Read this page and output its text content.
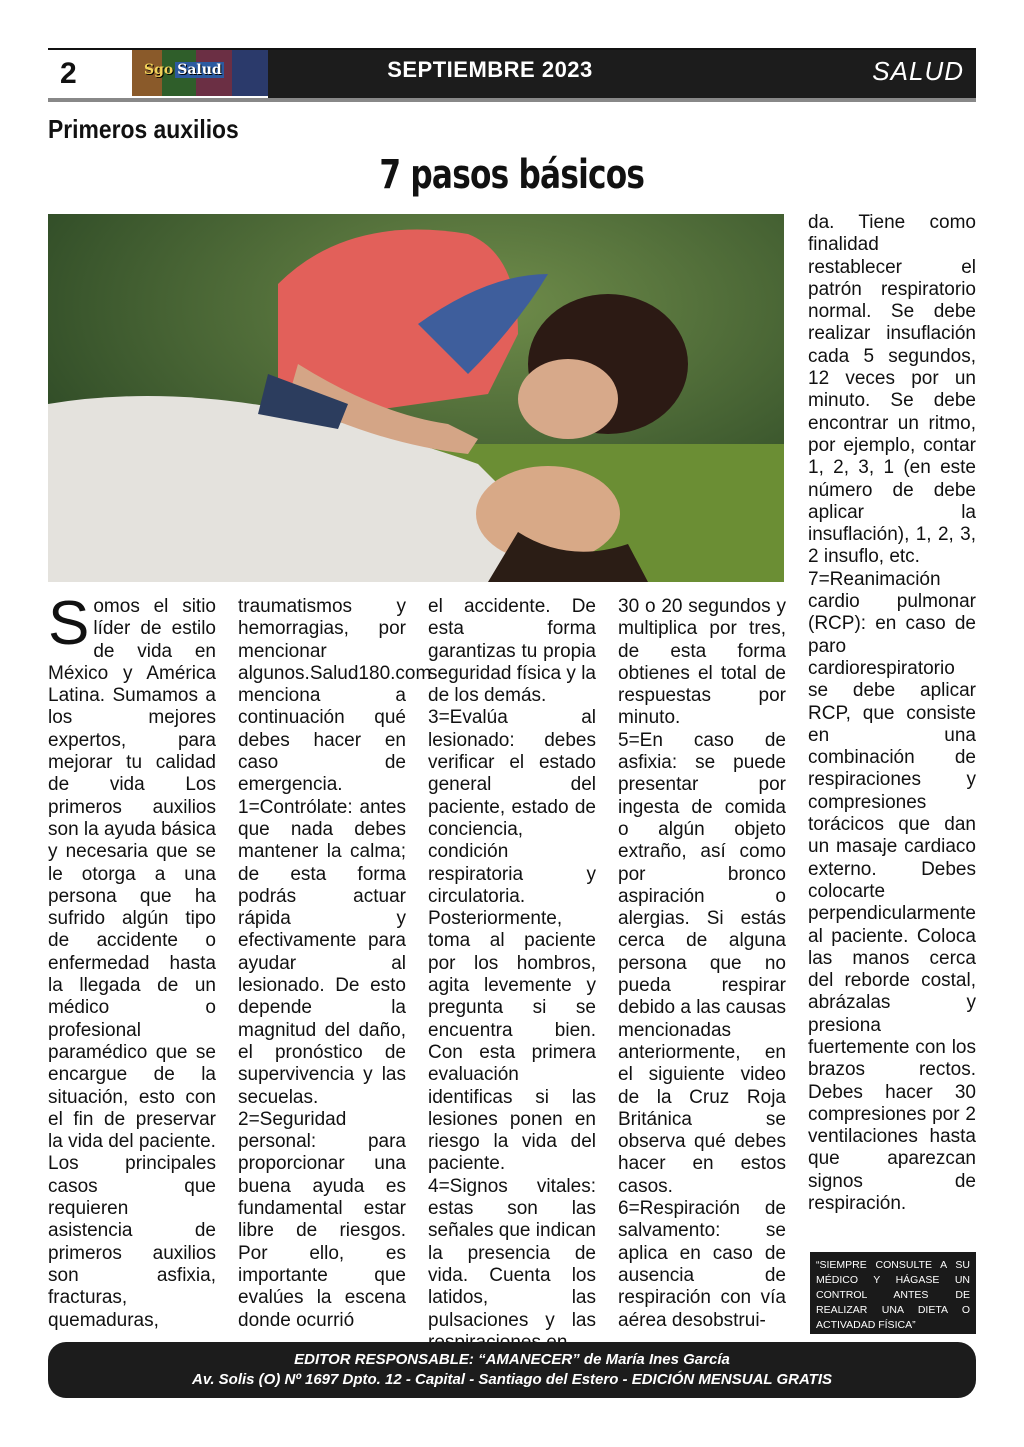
2	Sgo Salud	SEPTIEMBRE 2023	SALUD
Primeros auxilios
7 pasos básicos
S omos el sitio líder de estilo de vida en México y América Latina. Sumamos a los mejores expertos, para mejorar tu calidad de vida Los primeros auxilios son la ayuda básica y necesaria que se le otorga a una persona que ha sufrido algún tipo de accidente o enfermedad hasta la llegada de un médico o profesional paramédico que se encargue de la situación, esto con el fin de preservar la vida del paciente.

Los principales casos que requieren asistencia de primeros auxilios son asfixia, fracturas, quemaduras,

traumatismos y hemorragias, por mencionar algunos.Salud180.com menciona a continuación qué debes hacer en caso de emergencia.

1=Contrólate: antes que nada debes mantener la calma; de esta forma podrás actuar rápida y efectivamente para ayudar al lesionado. De esto depende la magnitud del daño, el pronóstico de supervivencia y las secuelas.

2=Seguridad personal: para proporcionar una buena ayuda es fundamental estar libre de riesgos. Por ello, es importante que evalúes la escena donde ocurrió

el accidente. De esta forma garantizas tu propia seguridad física y la de los demás.

3=Evalúa al lesionado: debes verificar el estado general del paciente, estado de conciencia, condición respiratoria y circulatoria. Posteriormente, toma al paciente por los hombros, agita levemente y pregunta si se encuentra bien. Con esta primera evaluación identificas si las lesiones ponen en riesgo la vida del paciente.

4=Signos vitales: estas son las señales que indican la presencia de vida. Cuenta los latidos, las pulsaciones y las

30 o 20 segundos y multiplica por tres, de esta forma obtienes el total de respuestas por minuto.

5=En caso de asfixia: se puede presentar por ingesta de comida o algún objeto extraño, así como por bronco aspiración o alergias. Si estás cerca de alguna persona que no pueda respirar debido a las causas mencionadas anteriormente, en el siguiente video de la Cruz Roja Británica se observa qué debes hacer en estos casos.

6=Respiración de salvamento: se aplica en caso de ausencia de respiración con vía aérea desobstrui-

da. Tiene como finalidad restablecer el patrón respiratorio normal. Se debe realizar insuflación cada 5 segundos, 12 veces por un minuto. Se debe encontrar un ritmo, por ejemplo, contar 1, 2, 3, 1 (en este número de debe aplicar la insuflación), 1, 2, 3, 2 insuflo, etc.

7=Reanimación cardio pulmonar (RCP): en caso de paro cardiorespiratorio se debe aplicar RCP, que consiste en una combinación de respiraciones y compresiones torácicos que dan un masaje cardiaco externo. Debes colocarte perpendicularmente al paciente. Coloca las manos cerca del reborde costal, abrázalas y presiona fuertemente con los brazos rectos. Debes hacer 30 compresiones por 2 ventilaciones hasta que aparezcan signos de respiración.

“SIEMPRE CONSULTE A SU MÉDICO Y HÁGASE UN CONTROL ANTES DE REALIZAR UNA DIETA O ACTIVADAD FÍSICA”
EDITOR RESPONSABLE: “AMANECER” de María Ines García
Av. Solis (O) Nº 1697 Dpto. 12 - Capital - Santiago del Estero - EDICIÓN MENSUAL GRATIS
